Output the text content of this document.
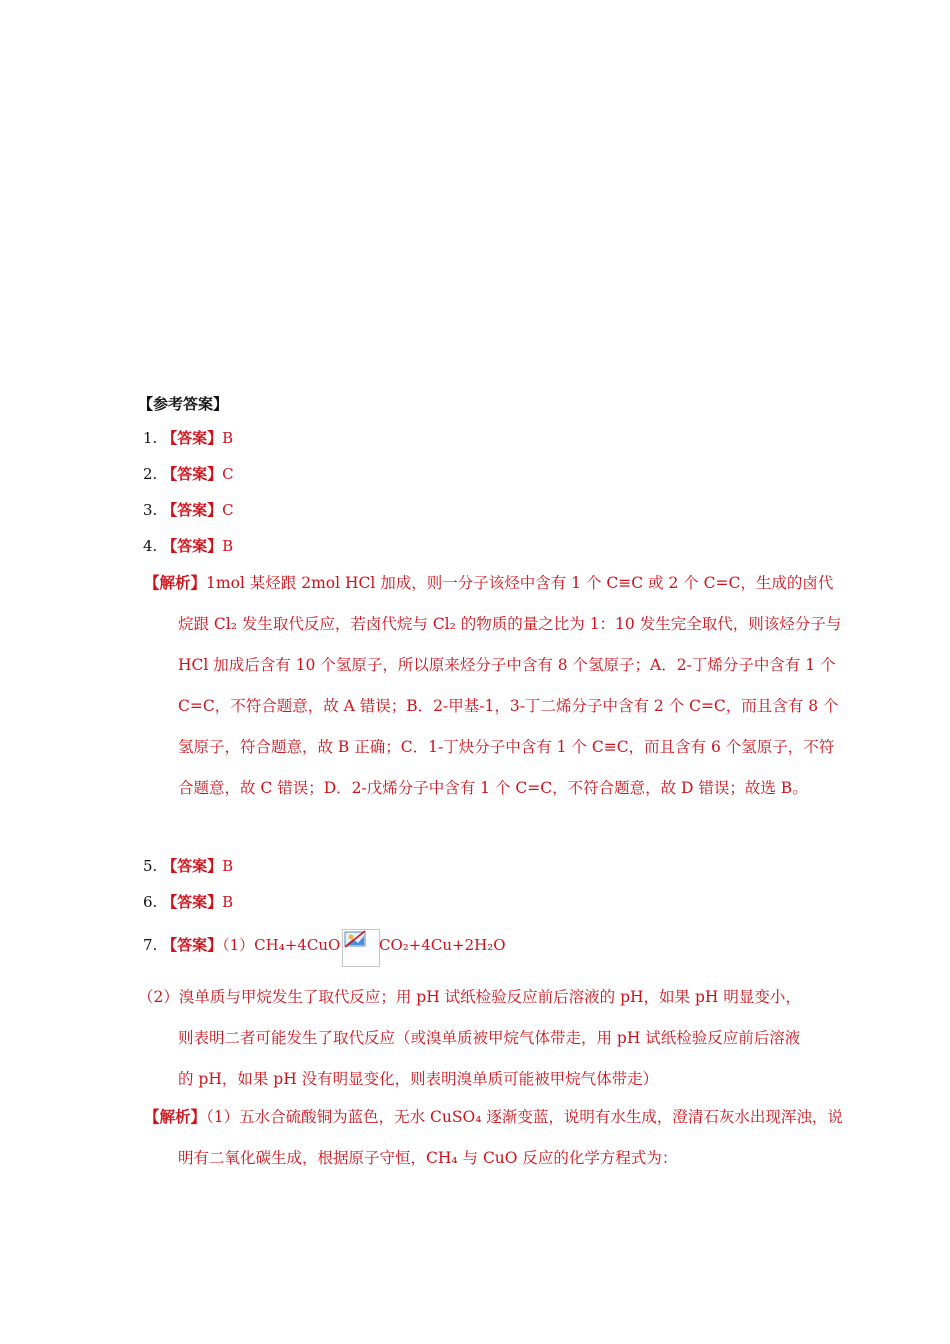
【参考答案】
1. 【答案】B
2. 【答案】C
3. 【答案】C
4. 【答案】B
【解析】1mol 某烃跟 2mol HCl 加成，则一分子该烃中含有 1 个 C≡C 或 2 个 C=C，生成的卤代烷跟 Cl₂ 发生取代反应，若卤代烷与 Cl₂ 的物质的量之比为 1：10 发生完全取代，则该烃分子与 HCl 加成后含有 10 个氢原子，所以原来烃分子中含有 8 个氢原子；A．2-丁烯分子中含有 1 个 C=C，不符合题意，故 A 错误；B．2-甲基-1，3-丁二烯分子中含有 2 个 C=C，而且含有 8 个氢原子，符合题意，故 B 正确；C．1-丁炔分子中含有 1 个 C≡C，而且含有 6 个氢原子，不符合题意，故 C 错误；D．2-戊烯分子中含有 1 个 C=C，不符合题意，故 D 错误；故选 B。
5. 【答案】B
6. 【答案】B
7. 【答案】（1）CH₄+4CuO	CO₂+4Cu+2H₂O
（2）溴单质与甲烷发生了取代反应；用 pH 试纸检验反应前后溶液的 pH，如果 pH 明显变小，则表明二者可能发生了取代反应（或溴单质被甲烷气体带走，用 pH 试纸检验反应前后溶液的 pH，如果 pH 没有明显变化，则表明溴单质可能被甲烷气体带走）
【解析】（1）五水合硫酸铜为蓝色，无水 CuSO₄ 逐渐变蓝，说明有水生成，澄清石灰水出现浑浊，说明有二氧化碳生成，根据原子守恒，CH₄ 与 CuO 反应的化学方程式为：
